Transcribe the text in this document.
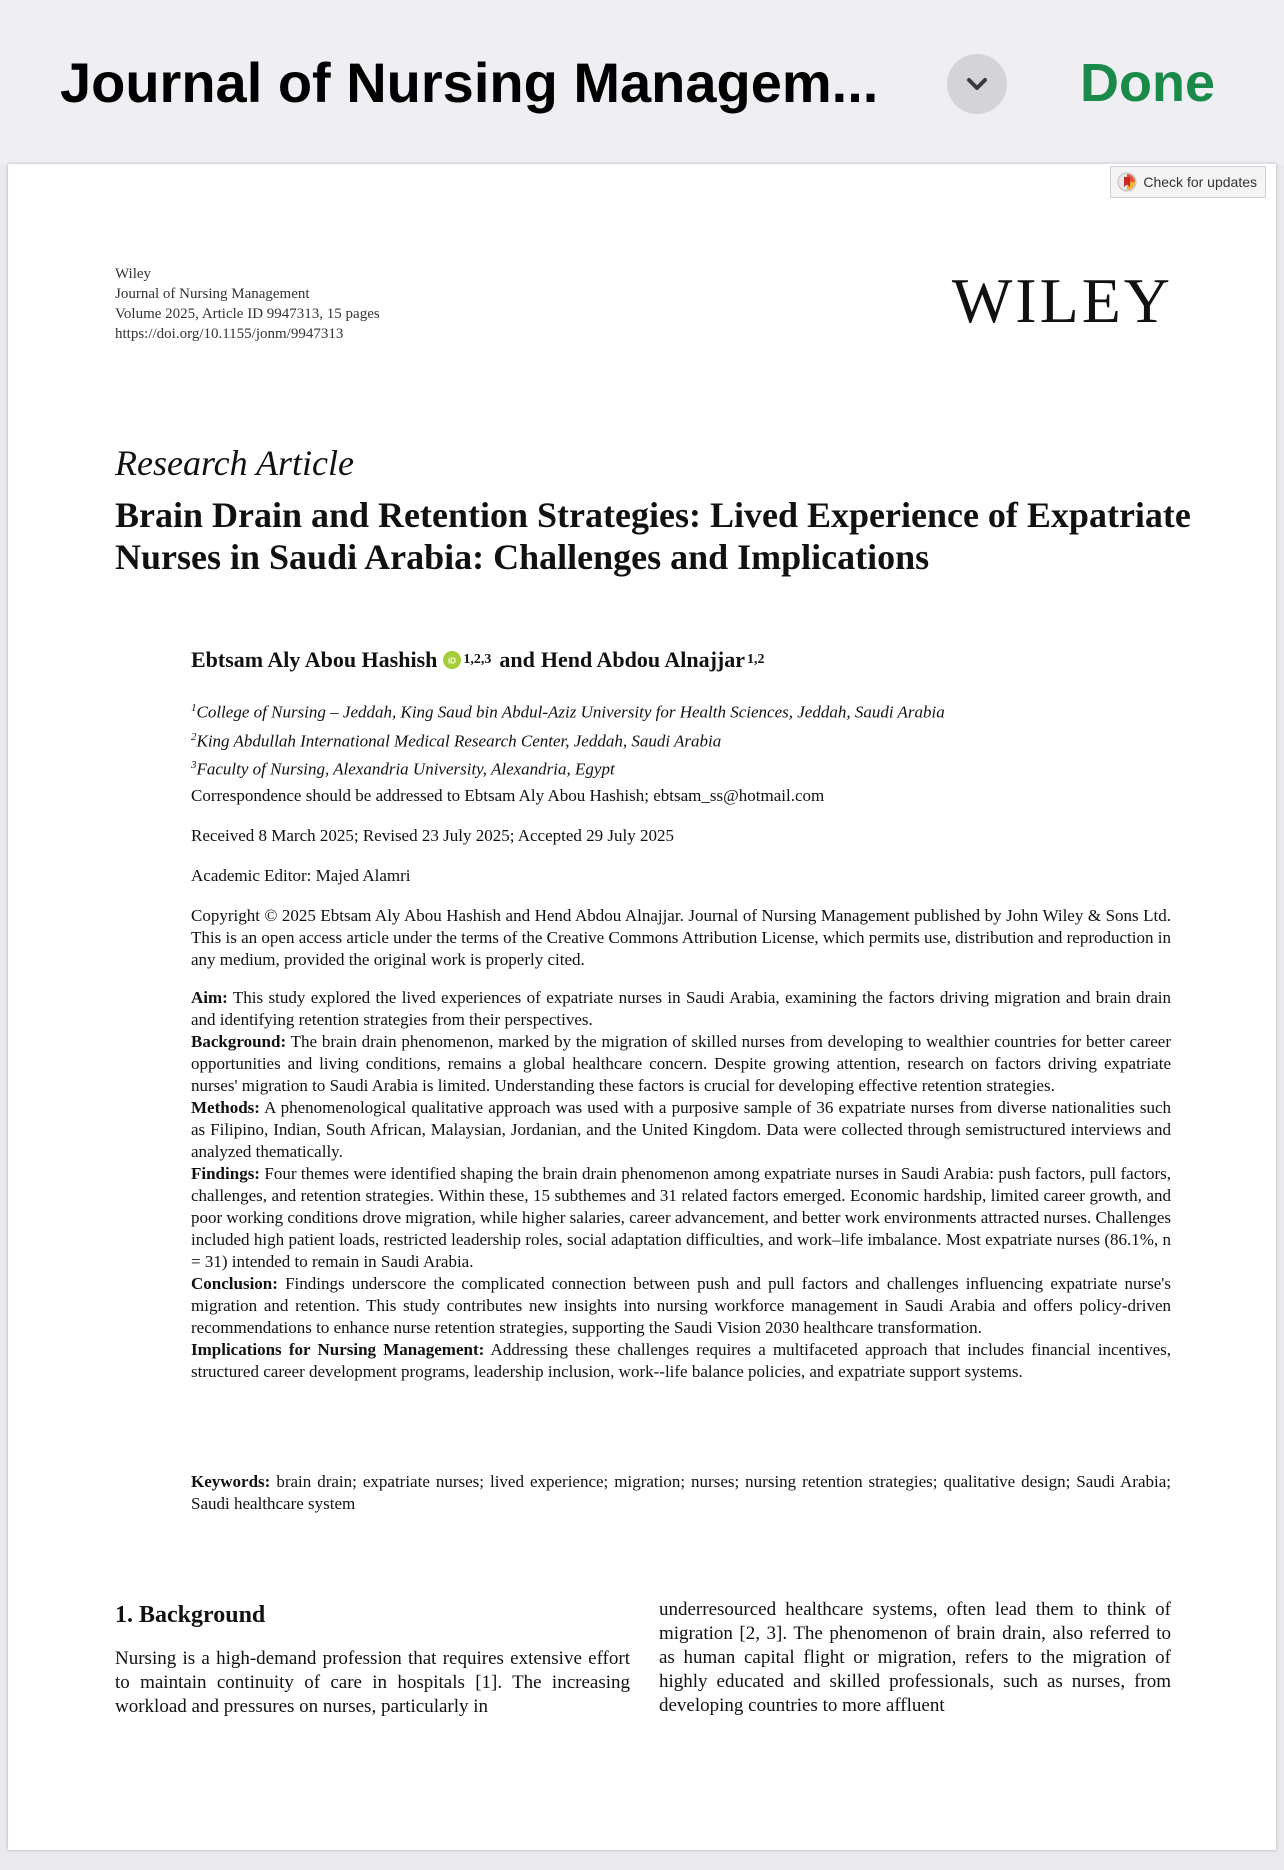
Journal of Nursing Managem...	Done
Check for updates
Wiley
Journal of Nursing Management
Volume 2025, Article ID 9947313, 15 pages
https://doi.org/10.1155/jonm/9947313	WILEY
Research Article
Brain Drain and Retention Strategies: Lived Experience of Expatriate Nurses in Saudi Arabia: Challenges and Implications
Ebtsam Aly Abou Hashish iD 1,2,3 and Hend Abdou Alnajjar 1,2
$^1$College of Nursing – Jeddah, King Saud bin Abdul-Aziz University for Health Sciences, Jeddah, Saudi Arabia
$^2$King Abdullah International Medical Research Center, Jeddah, Saudi Arabia
$^3$Faculty of Nursing, Alexandria University, Alexandria, Egypt
Correspondence should be addressed to Ebtsam Aly Abou Hashish; ebtsam_ss@hotmail.com
Received 8 March 2025; Revised 23 July 2025; Accepted 29 July 2025
Academic Editor: Majed Alamri

Copyright © 2025 Ebtsam Aly Abou Hashish and Hend Abdou Alnajjar. Journal of Nursing Management published by John Wiley & Sons Ltd. This is an open access article under the terms of the Creative Commons Attribution License, which permits use, distribution and reproduction in any medium, provided the original work is properly cited.

Aim: This study explored the lived experiences of expatriate nurses in Saudi Arabia, examining the factors driving migration and brain drain and identifying retention strategies from their perspectives.

Background: The brain drain phenomenon, marked by the migration of skilled nurses from developing to wealthier countries for better career opportunities and living conditions, remains a global healthcare concern. Despite growing attention, research on factors driving expatriate nurses' migration to Saudi Arabia is limited. Understanding these factors is crucial for developing effective retention strategies.

Methods: A phenomenological qualitative approach was used with a purposive sample of 36 expatriate nurses from diverse nationalities such as Filipino, Indian, South African, Malaysian, Jordanian, and the United Kingdom. Data were collected through semistructured interviews and analyzed thematically.

Findings: Four themes were identified shaping the brain drain phenomenon among expatriate nurses in Saudi Arabia: push factors, pull factors, challenges, and retention strategies. Within these, 15 subthemes and 31 related factors emerged. Economic hardship, limited career growth, and poor working conditions drove migration, while higher salaries, career advancement, and better work environments attracted nurses. Challenges included high patient loads, restricted leadership roles, social adaptation difficulties, and work–life imbalance. Most expatriate nurses (86.1%, n = 31) intended to remain in Saudi Arabia.

Conclusion: Findings underscore the complicated connection between push and pull factors and challenges influencing expatriate nurse's migration and retention. This study contributes new insights into nursing workforce management in Saudi Arabia and offers policy-driven recommendations to enhance nurse retention strategies, supporting the Saudi Vision 2030 healthcare transformation.

Implications for Nursing Management: Addressing these challenges requires a multifaceted approach that includes financial incentives, structured career development programs, leadership inclusion, work--life balance policies, and expatriate support systems.

Keywords: brain drain; expatriate nurses; lived experience; migration; nurses; nursing retention strategies; qualitative design; Saudi Arabia; Saudi healthcare system
1. Background

Nursing is a high-demand profession that requires extensive effort to maintain continuity of care in hospitals [1]. The increasing workload and pressures on nurses, particularly in

underresourced healthcare systems, often lead them to think of migration [2, 3]. The phenomenon of brain drain, also referred to as human capital flight or migration, refers to the migration of highly educated and skilled professionals, such as nurses, from developing countries to more affluent
